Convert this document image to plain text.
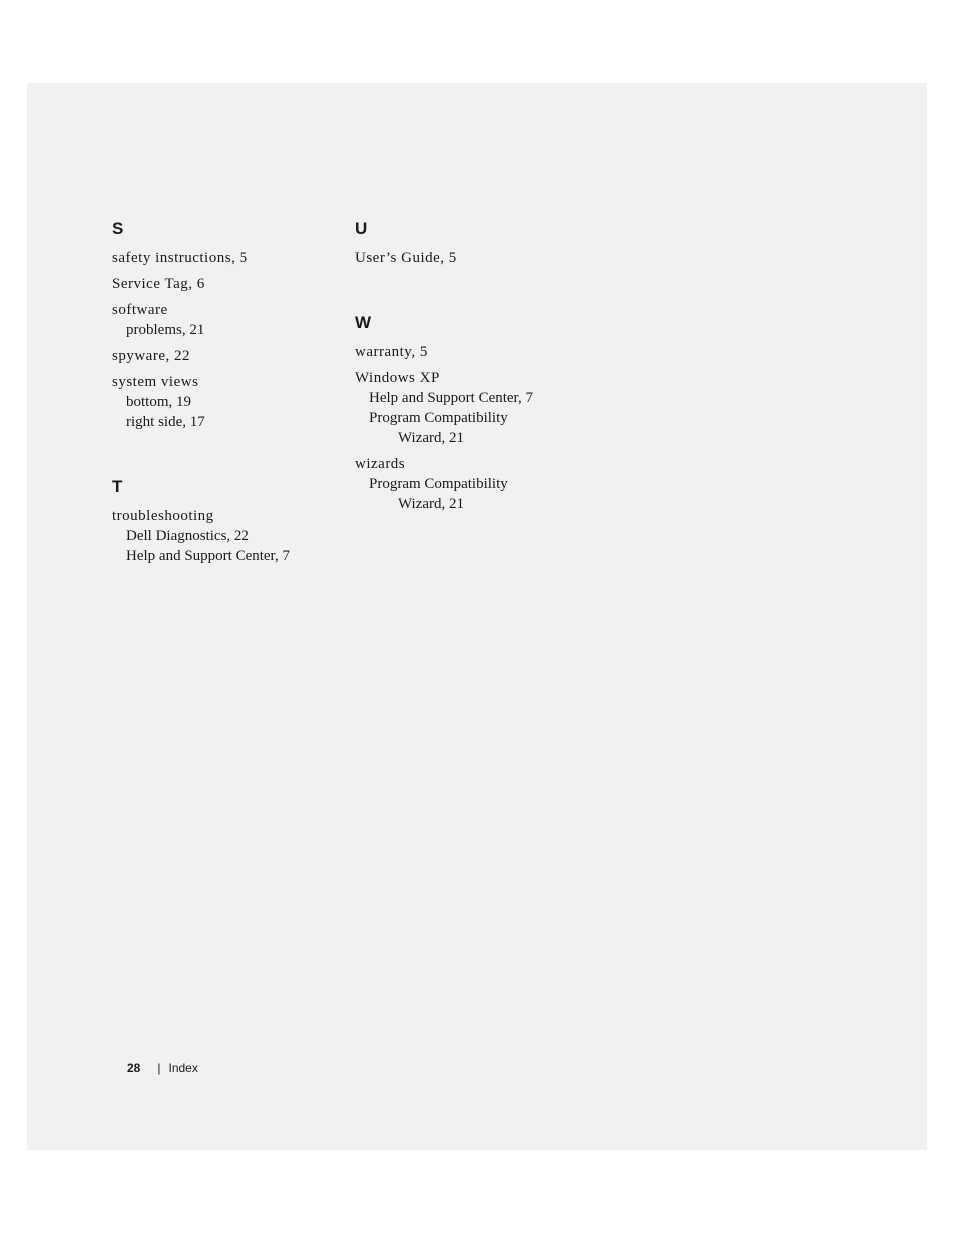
S
safety instructions, 5
Service Tag, 6
software
problems, 21
spyware, 22
system views
bottom, 19
right side, 17
T
troubleshooting
Dell Diagnostics, 22
Help and Support Center, 7
U
User’s Guide, 5
W
warranty, 5
Windows XP
Help and Support Center, 7
Program Compatibility
Wizard, 21
wizards
Program Compatibility
Wizard, 21
28 | Index
